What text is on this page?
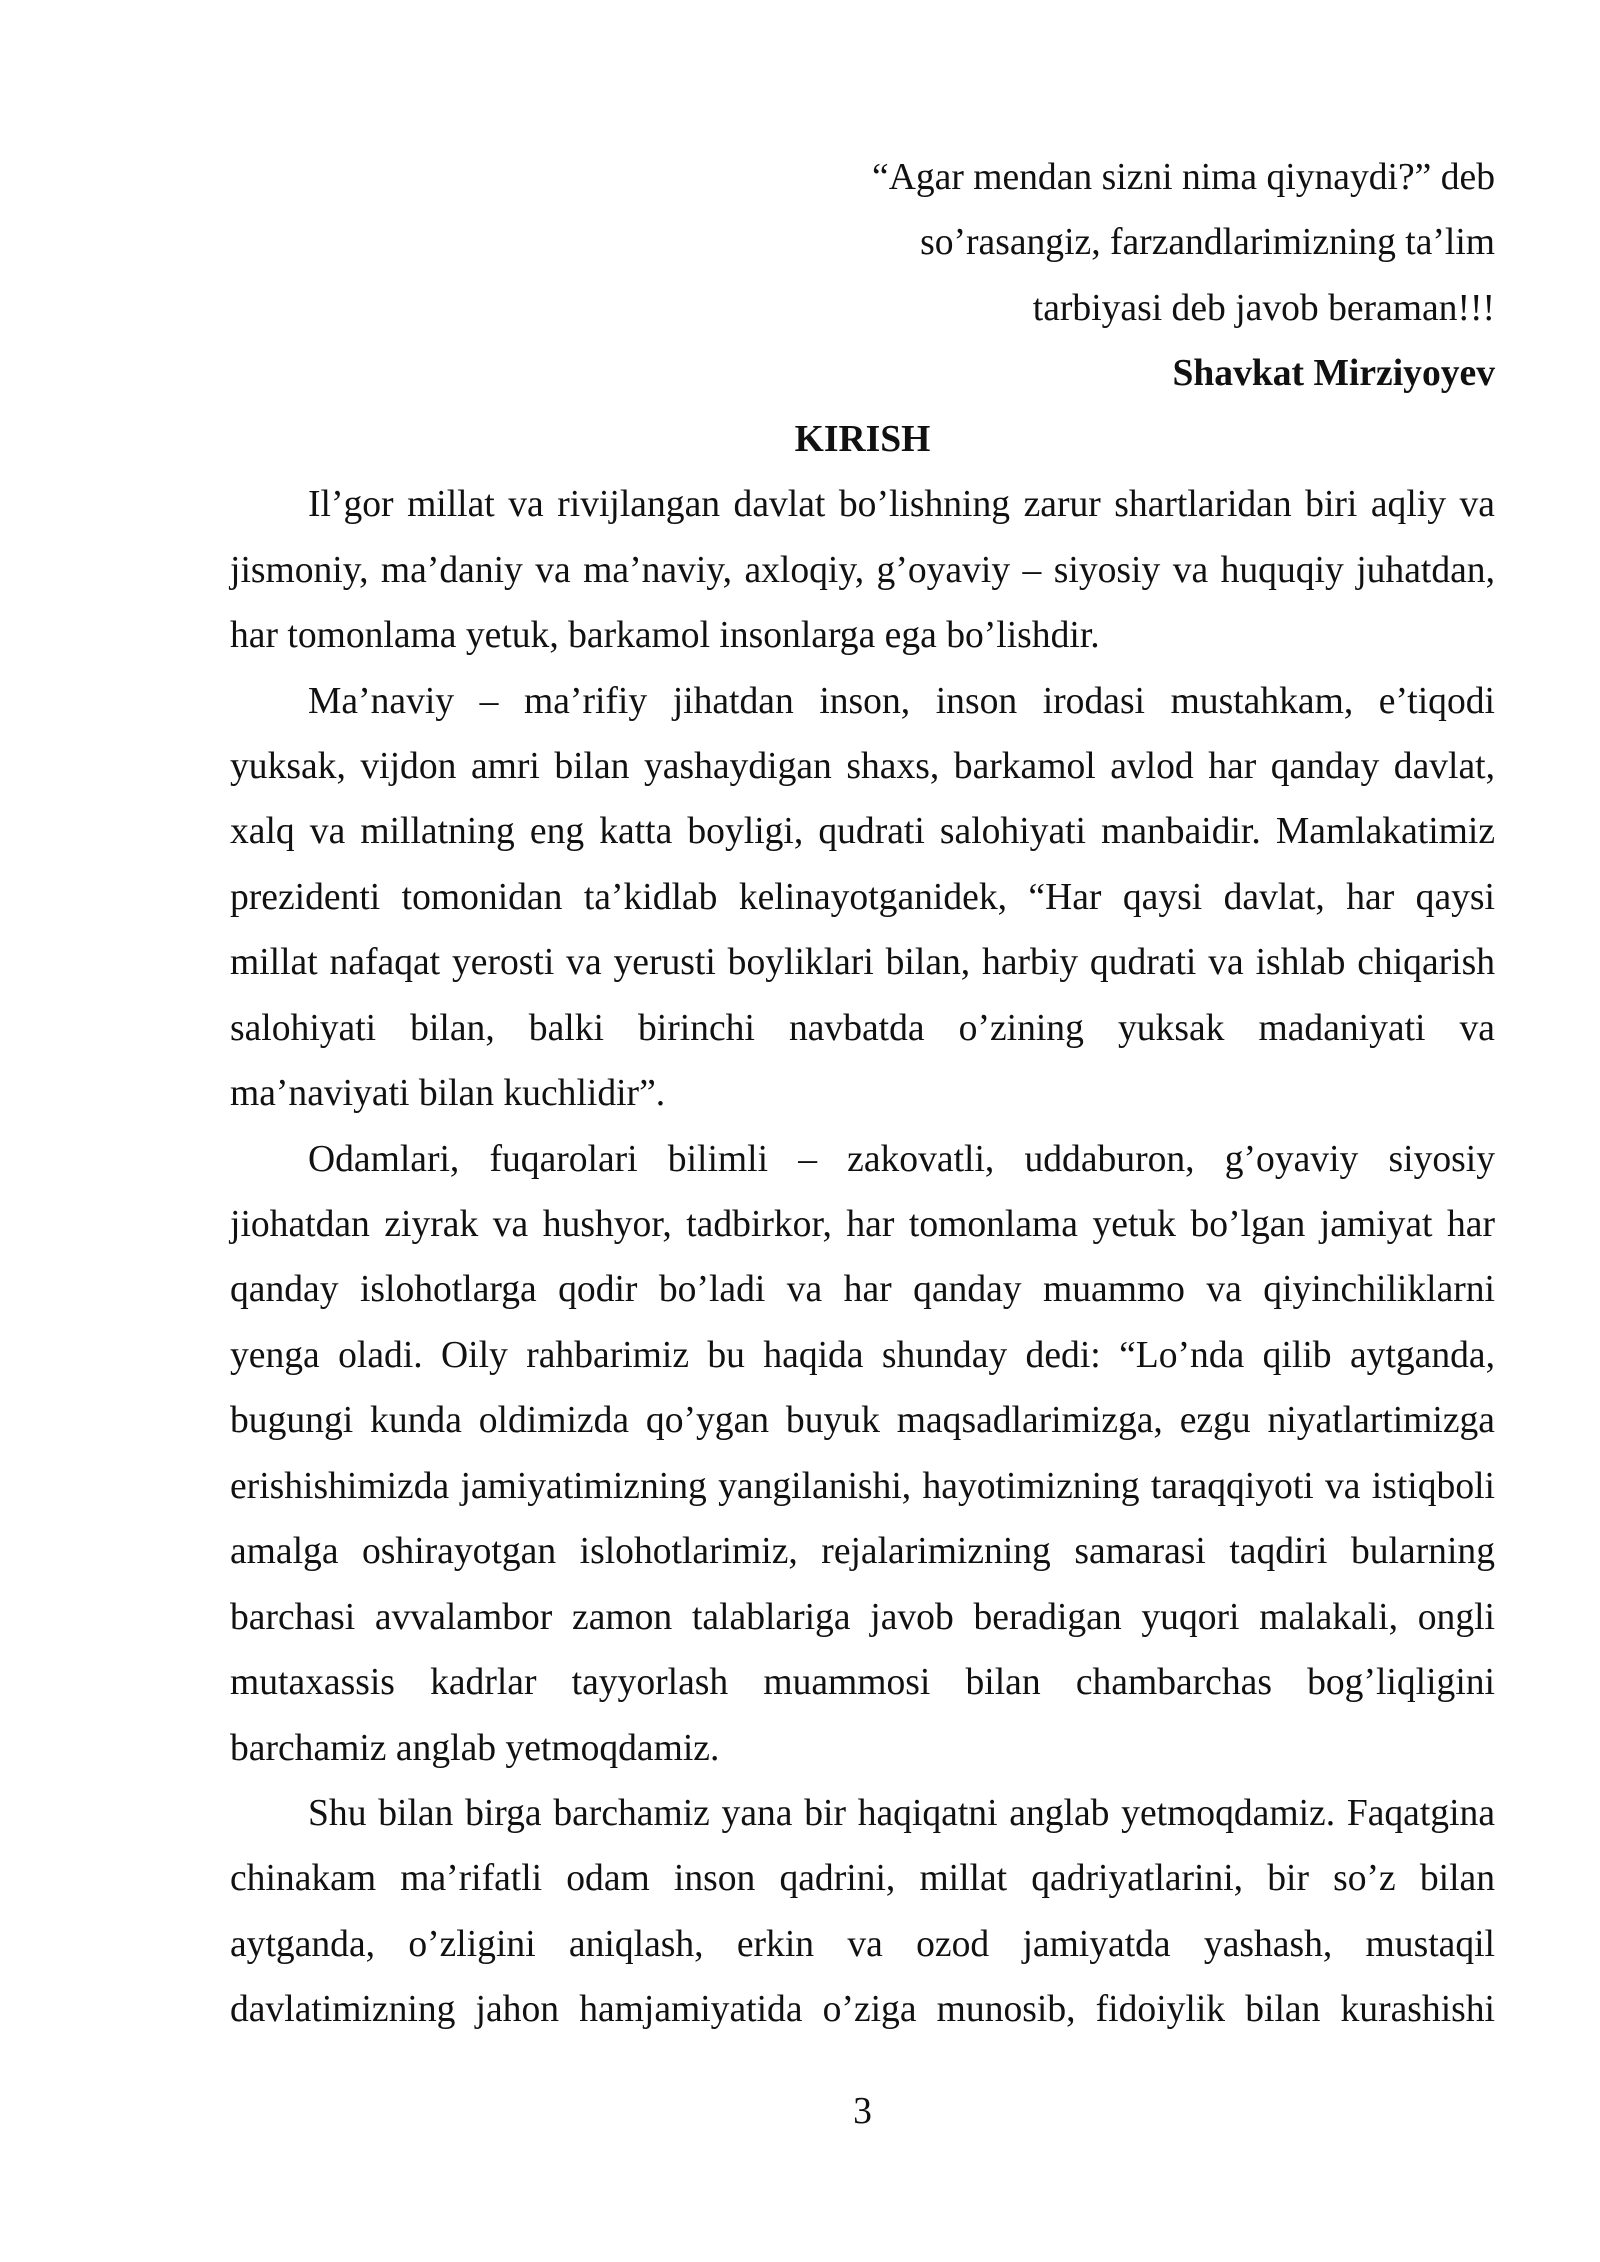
“Agar mendan sizni nima qiynaydi?” deb
so’rasangiz, farzandlarimizning ta’lim
tarbiyasi deb javob beraman!!!
Shavkat Mirziyoyev
KIRISH
Il’gor millat va rivijlangan davlat bo’lishning zarur shartlaridan biri aqliy va
jismoniy, ma’daniy va ma’naviy, axloqiy, g’oyaviy – siyosiy va huquqiy juhatdan,
har tomonlama yetuk, barkamol insonlarga ega bo’lishdir.
Ma’naviy – ma’rifiy jihatdan inson, inson irodasi mustahkam, e’tiqodi
yuksak, vijdon amri bilan yashaydigan shaxs, barkamol avlod har qanday davlat,
xalq va millatning eng katta boyligi, qudrati salohiyati manbaidir. Mamlakatimiz
prezidenti tomonidan ta’kidlab kelinayotganidek, “Har qaysi davlat, har qaysi
millat nafaqat yerosti va yerusti boyliklari bilan, harbiy qudrati va ishlab chiqarish
salohiyati bilan, balki birinchi navbatda o’zining yuksak madaniyati va
ma’naviyati bilan kuchlidir”.
Odamlari, fuqarolari bilimli – zakovatli, uddaburon, g’oyaviy siyosiy
jiohatdan ziyrak va hushyor, tadbirkor, har tomonlama yetuk bo’lgan jamiyat har
qanday islohotlarga qodir bo’ladi va har qanday muammo va qiyinchiliklarni
yenga oladi. Oily rahbarimiz bu haqida shunday dedi: “Lo’nda qilib aytganda,
bugungi kunda oldimizda qo’ygan buyuk maqsadlarimizga, ezgu niyatlartimizga
erishishimizda jamiyatimizning yangilanishi, hayotimizning taraqqiyoti va istiqboli
amalga oshirayotgan islohotlarimiz, rejalarimizning samarasi taqdiri bularning
barchasi avvalambor zamon talablariga javob beradigan yuqori malakali, ongli
mutaxassis kadrlar tayyorlash muammosi bilan chambarchas bog’liqligini
barchamiz anglab yetmoqdamiz.
Shu bilan birga barchamiz yana bir haqiqatni anglab yetmoqdamiz. Faqatgina
chinakam ma’rifatli odam inson qadrini, millat qadriyatlarini, bir so’z bilan
aytganda, o’zligini aniqlash, erkin va ozod jamiyatda yashash, mustaqil
davlatimizning jahon hamjamiyatida o’ziga munosib, fidoiylik bilan kurashishi
3
